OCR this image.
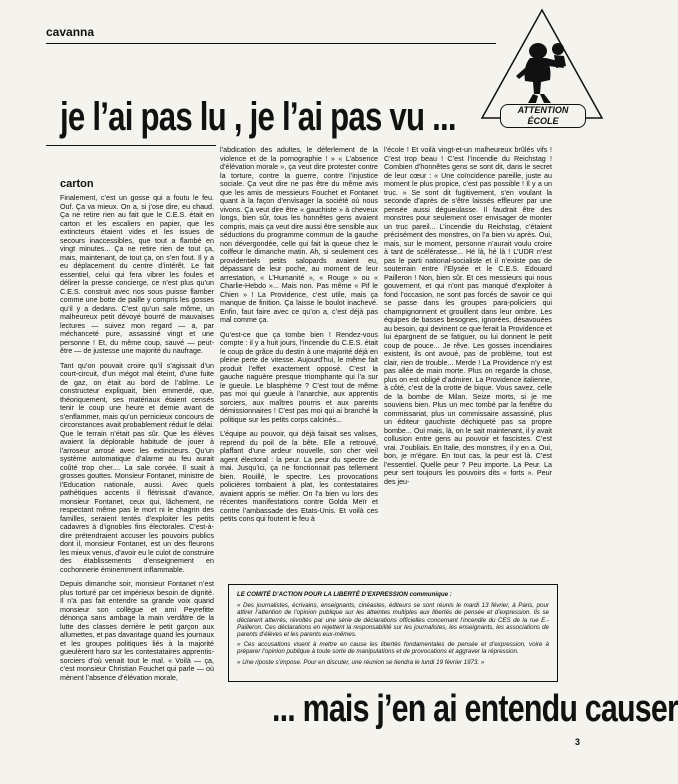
cavanna
ATTENTION ÉCOLE
je l’ai pas lu , je l’ai pas vu ...
carton

Finalement, c’est un gosse qui a foutu le feu. Ouf. Ça va mieux. On a, si j’ose dire, eu chaud. Ça ne retire rien au fait que le C.E.S. était en carton et les escaliers en papier, que les extincteurs étaient vides et les issues de secours inaccessibles, que tout a flambé en vingt minutes... Ça ne retire rien de tout ça, mais, maintenant, de tout ça, on s’en fout. Il y a eu déplacement du centre d’intérêt. Le fait essentiel, celui qui fera vibrer les foules et délirer la presse concierge, ce n’est plus qu’un C.E.S. construit avec nos sous puisse flamber comme une botte de paille y compris les gosses qu’il y a dedans. C’est qu’un sale môme, un malheureux petit dévoyé bourré de mauvaises lectures — suivez mon regard — a, par méchanceté pure, assassiné vingt et une personne ! Et, du même coup, sauvé — peut-être — de justesse une majorité du naufrage.

Tant qu’on pouvait croire qu’il s’agissait d’un court-circuit, d’un mégot mal éteint, d’une fuite de gaz, on était au bord de l’abîme. Le constructeur expliquait, bien emmerdé, que, théoriquement, ses matériaux étaient censés tenir le coup une heure et demie avant de s’enflammer, mais qu’un pernicieux concours de circonstances avait probablement réduit le délai. Que le terrain n’était pas sûr. Que les élèves avaient la déplorable habitude de jouer à l’arroseur arrosé avec les extincteurs. Qu’un système automatique d’alarme au feu aurait coûté trop cher.... La sale corvée. Il suait à grosses gouttes. Monsieur Fontanet, ministre de l’Education nationale, aussi. Avec quels pathétiques accents il flétrissait d’avance, monsieur Fontanet, ceux qui, lâchement, ne respectant même pas le mort ni le chagrin des familles, seraient tentés d’exploiter les petits cadavres à d’ignobles fins électorales. C’est-à-dire prétendraient accuser les pouvoirs publics dont il, monsieur Fontanet, est un des fleurons les mieux venus, d’avoir eu le culot de construire des établissements d’enseignement en cochonnerie éminemment inflammable.

Depuis dimanche soir, monsieur Fontanet n’est plus torturé par cet impérieux besoin de dignité. Il n’a pas fait entendre sa grande voix quand monsieur son collègue et ami Peyrefitte dénonça sans ambage la main verdâtre de la lutte des classes derrière le petit garçon aux allumettes, et pas davantage quand les journaux et les groupes politiques liés à la majorité gueulèrent haro sur les contestataires apprentis-sorciers d’où venait tout le mal. « Voilà — ça, c’est monsieur Christian Fouchet qui parle — où mènent l’absence d’élévation morale,

l’abdication des adultes, le déferlement de la violence et de la pornographie ! » « L’absence d’élévation morale », ça veut dire protester contre la torture, contre la guerre, contre l’injustice sociale. Ça veut dire ne pas être du même avis que les amis de messieurs Fouchet et Fontanet quant à la façon d’envisager la société où nous vivons. Ça veut dire être « gauchiste » à cheveux longs, bien sûr, tous les honnêtes gens avaient compris, mais ça veut dire aussi être sensible aux séductions du programme commun de la gauche non dévergondée, celle qui fait la queue chez le coiffeur le dimanche matin. Ah, si seulement ces providentiels petits salopards avaient eu, dépassant de leur poche, au moment de leur arrestation, « L’Humanité », « Rouge » ou « Charlie-Hebdo »... Mais non. Pas même « Pif le Chien » ! La Providence, c’est utile, mais ça manque de finition. Ça laisse le boulot inachevé. Enfin, faut faire avec ce qu’on a, c’est déjà pas mal comme ça.

Qu’est-ce que ça tombe bien ! Rendez-vous compte : il y a huit jours, l’incendie du C.E.S. était le coup de grâce du destin à une majorité déjà en pleine perte de vitesse. Aujourd’hui, le même fait produit l’effet exactement opposé. C’est la gauche naguère presque triomphante qui l’a sur le gueule. Le blasphème ? C’est tout de même pas moi qui gueule à l’anarchie, aux apprentis sorciers, aux maîtres pourris et aux parents démissionnaires ! C’est pas moi qui ai branché la politique sur les petits corps calcinés...

L’équipe au pouvoir, qui déjà faisait ses valises, reprend du poil de la bête. Elle a retrouvé, plaffant d’une ardeur nouvelle, son cher vieil agent électoral : la peur. La peur du spectre de mai. Jusqu’ici, ça ne fonctionnait pas tellement bien. Rouillé, le spectre. Les provocations policières tombaient à plat, les contestataires avaient appris se méfier. On l’a bien vu lors des récentes manifestations contre Golda Meïr et contre l’ambassade des Etats-Unis. Et voilà ces petits cons qui foutent le feu à

l’école ! Et voilà vingt-et-un malheureux brûlés vifs ! C’est trop beau ! C’est l’incendie du Reichstag ! Combien d’honnêtes gens se sont dit, dans le secret de leur cœur : « Une coïncidence pareille, juste au moment le plus propice, c’est pas possible ! Il y a un truc. » Se sont dit fugitivement, s’en voulant la seconde d’après de s’être laissés effleurer par une pensée aussi dégueulasse. Il faudrait être des monstres pour seulement oser envisager de monter un truc pareil... L’incendie du Reichstag, c’étaient précisément des monstres, on l’a bien vu après. Oui, mais, sur le moment, personne n’aurait voulu croire à tant de scélératesse... Hé là, hé là ! L’UDR n’est pas le parti national-socialiste et il n’existe pas de souterrain entre l’Elysée et le C.E.S. Edouard Pailleron ! Non, bien sûr. Et ces messieurs qui nous gouvernent, et qui n’ont pas manqué d’exploiter à fond l’occasion, ne sont pas forcés de savoir ce qui se passe dans les groupes para-policiers qui champignonnent et grouillent dans leur ombre. Les équipes de basses besognes, ignorées, désavouées au besoin, qui devinent ce que ferait la Providence et lui épargnent de se fatiguer, ou lui donnent le petit coup de pouce... Je rêve. Les gosses incendiaires existent, ils ont avoué, pas de problème, tout est clair, rien de trouble... Merde ! La Providence n’y est pas allée de main morte. Plus on regarde la chose, plus on est obligé d’admirer. La Providence italienne, à côté, c’est de la crotte de bique. Vous savez, celle de la bombe de Milan. Seize morts, si je me souviens bien. Plus un mec tombé par la fenêtre du commissariat, plus un commissaire assassiné, plus un éditeur gauchiste déchiqueté pas sa propre bombe... Oui mais, là, on le sait maintenant, il y avait collusion entre gens au pouvoir et fascistes. C’est vrai. J’oubliais. En Italie, des monstres, il y en a. Oui, bon, je m’égare. En tout cas, la peur est là. C’est l’essentiel. Quelle peur ? Peu importe. La Peur. La peur sert toujours les pouvoirs dits « forts ». Peur des jeu-

LE COMITÉ D’ACTION POUR LA LIBERTÉ D’EXPRESSION communique :
« Des journalistes, écrivains, enseignants, cinéastes, éditeurs se sont réunis le mardi 13 février, à Paris, pour attirer l’attention de l’opinion publique sur les atteintes multiples aux libertés de pensée et d’expression. Ils se déclarent atterrés, révoltés par une série de déclarations officielles concernant l’incendie du CES de la rue E.-Pailleron. Ces déclarations en rejettent la responsabilité sur les journalistes, les enseignants, les associations de parents d’élèves et les parents eux-mêmes.
« Ces accusations visent à mettre en cause les libertés fondamentales de pensée et d’expression, voire à préparer l’opinion publique à toute sorte de manipulations et de provocations et aggraver la répression.
« Une riposte s’impose. Pour en discuter, une réunion se tiendra le lundi 19 février 1973. »
... mais j’en ai entendu causer
3
